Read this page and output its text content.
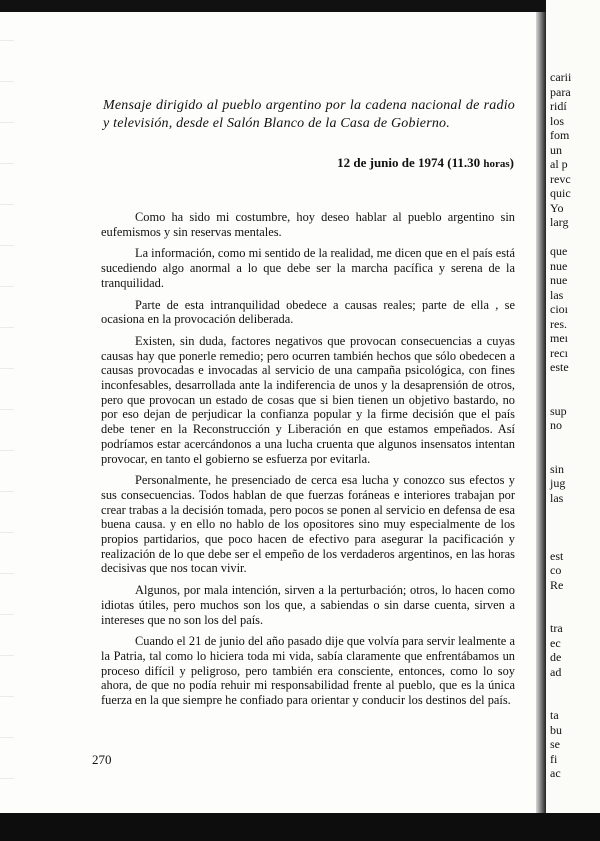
Mensaje dirigido al pueblo argentino por la cadena nacional de radio y televisión, desde el Salón Blanco de la Casa de Gobierno.

12 de junio de 1974 (11.30 horas)

Como ha sido mi costumbre, hoy deseo hablar al pueblo argentino sin eufemismos y sin reservas mentales.

La información, como mi sentido de la realidad, me dicen que en el país está sucediendo algo anormal a lo que debe ser la marcha pacífica y serena de la tranquilidad.

Parte de esta intranquilidad obedece a causas reales; parte de ella , se ocasiona en la provocación deliberada.

Existen, sin duda, factores negativos que provocan consecuencias a cuyas causas hay que ponerle remedio; pero ocurren también hechos que sólo obedecen a causas provocadas e invocadas al servicio de una campaña psicológica, con fines inconfesables, desarrollada ante la indiferencia de unos y la desaprensión de otros, pero que provocan un estado de cosas que si bien tienen un objetivo bastardo, no por eso dejan de perjudicar la confianza popular y la firme decisión que el país debe tener en la Reconstrucción y Liberación en que estamos empeñados. Así podríamos estar acercándonos a una lucha cruenta que algunos insensatos intentan provocar, en tanto el gobierno se esfuerza por evitarla.

Personalmente, he presenciado de cerca esa lucha y conozco sus efectos y sus consecuencias. Todos hablan de que fuerzas foráneas e interiores trabajan por crear trabas a la decisión tomada, pero pocos se ponen al servicio en defensa de esa buena causa. y en ello no hablo de los opositores sino muy especialmente de los propios partidarios, que poco hacen de efectivo para asegurar la pacificación y realización de lo que debe ser el empeño de los verdaderos argentinos, en las horas decisivas que nos tocan vivir.

Algunos, por mala intención, sirven a la perturbación; otros, lo hacen como idiotas útiles, pero muchos son los que, a sabiendas o sin darse cuenta, sirven a intereses que no son los del país.

Cuando el 21 de junio del año pasado dije que volvía para servir lealmente a la Patria, tal como lo hiciera toda mi vida, sabía claramente que enfrentábamos un proceso difícil y peligroso, pero también era consciente, entonces, como lo soy ahora, de que no podía rehuir mi responsabilidad frente al pueblo, que es la única fuerza en la que siempre he confiado para orientar y conducir los destinos del país.

270

carii
para
ridí
los
fom
un
al p
revc
quic
Yo
larg
que
nue
nue
las
cioı
res.
meı
recı
este
sup
no
sin
jug
las
est
co
Re
tra
ec
de
ad
ta
bu
se
fi
ac
